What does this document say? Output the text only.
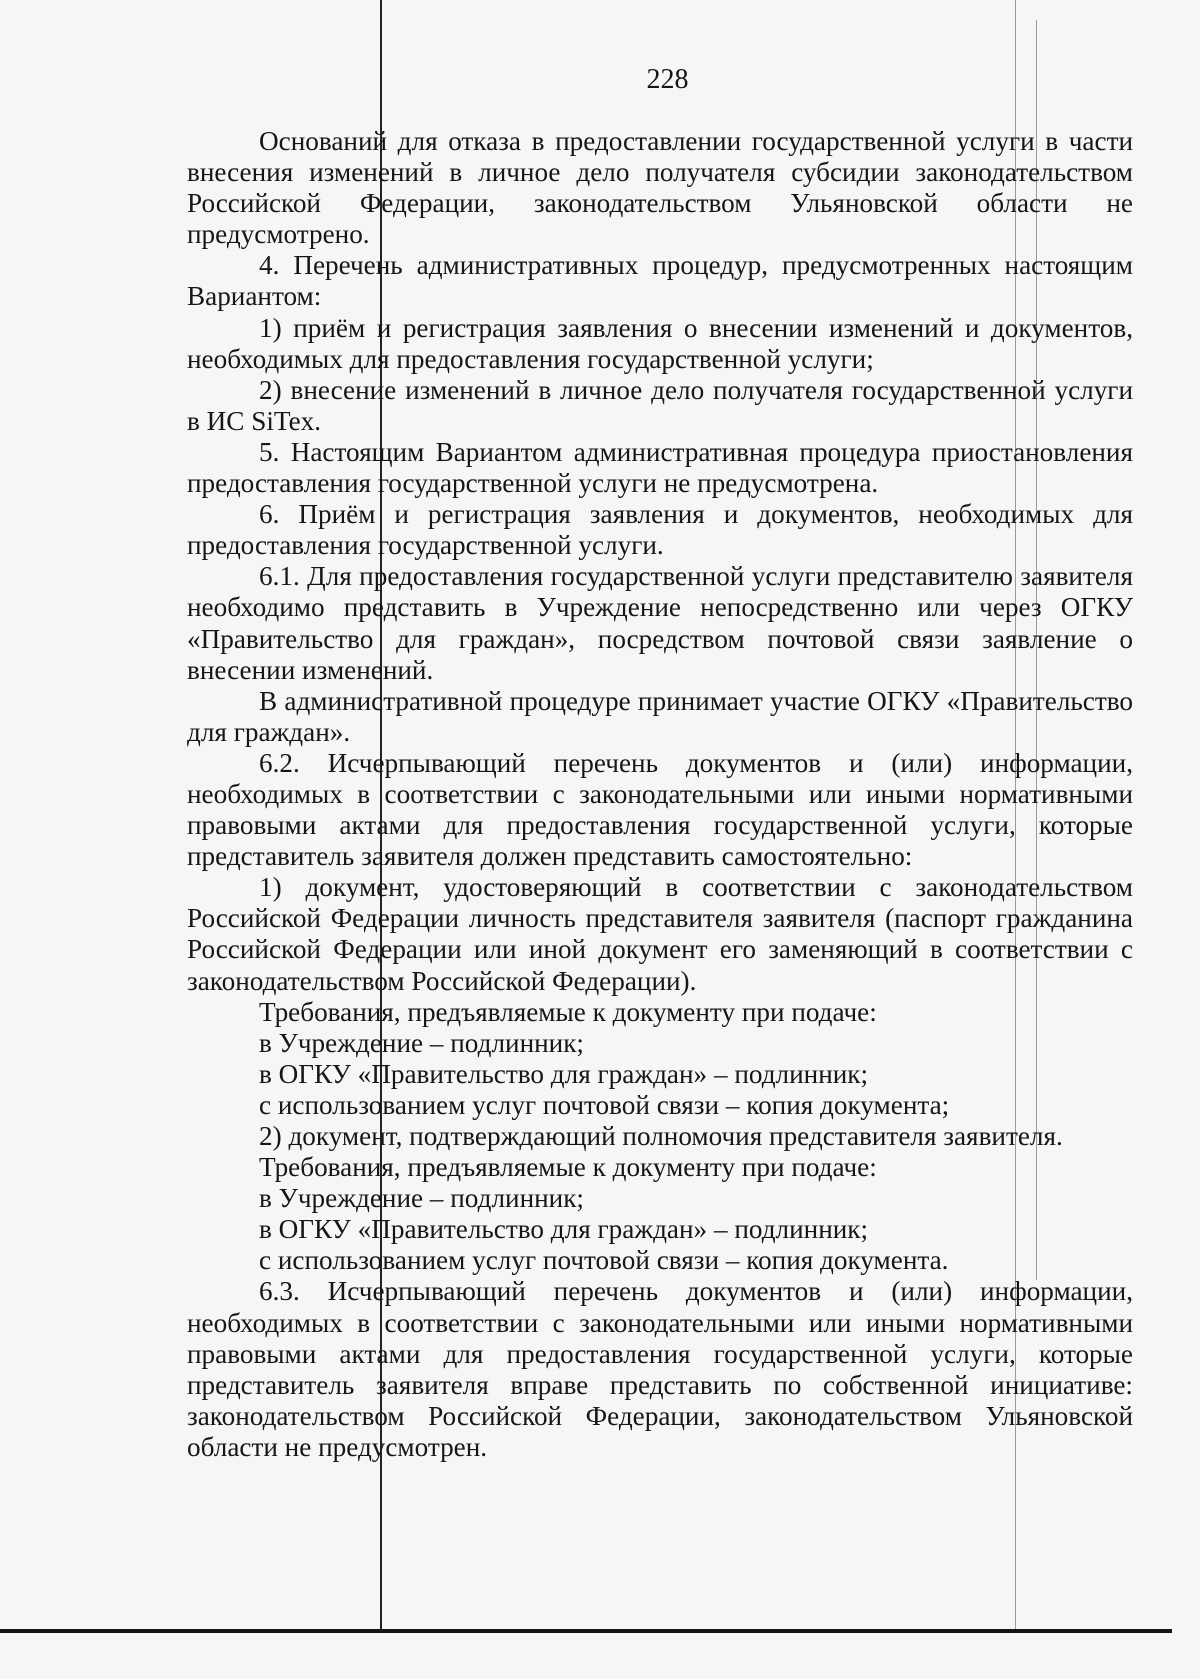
228

Оснований для отказа в предоставлении государственной услуги в части внесения изменений в личное дело получателя субсидии законодательством Российской Федерации, законодательством Ульяновской области не предусмотрено.

4. Перечень административных процедур, предусмотренных настоящим Вариантом:

1) приём и регистрация заявления о внесении изменений и документов, необходимых для предоставления государственной услуги;

2) внесение изменений в личное дело получателя государственной услуги в ИС SiTex.

5. Настоящим Вариантом административная процедура приостановления предоставления государственной услуги не предусмотрена.

6. Приём и регистрация заявления и документов, необходимых для предоставления государственной услуги.

6.1. Для предоставления государственной услуги представителю заявителя необходимо представить в Учреждение непосредственно или через ОГКУ «Правительство для граждан», посредством почтовой связи заявление о внесении изменений.

В административной процедуре принимает участие ОГКУ «Правительство для граждан».

6.2. Исчерпывающий перечень документов и (или) информации, необходимых в соответствии с законодательными или иными нормативными правовыми актами для предоставления государственной услуги, которые представитель заявителя должен представить самостоятельно:

1) документ, удостоверяющий в соответствии с законодательством Российской Федерации личность представителя заявителя (паспорт гражданина Российской Федерации или иной документ его заменяющий в соответствии с законодательством Российской Федерации).

Требования, предъявляемые к документу при подаче:

в Учреждение – подлинник;

в ОГКУ «Правительство для граждан» – подлинник;

с использованием услуг почтовой связи – копия документа;

2) документ, подтверждающий полномочия представителя заявителя.

Требования, предъявляемые к документу при подаче:

в Учреждение – подлинник;

в ОГКУ «Правительство для граждан» – подлинник;

с использованием услуг почтовой связи – копия документа.

6.3. Исчерпывающий перечень документов и (или) информации, необходимых в соответствии с законодательными или иными нормативными правовыми актами для предоставления государственной услуги, которые представитель заявителя вправе представить по собственной инициативе: законодательством Российской Федерации, законодательством Ульяновской области не предусмотрен.
